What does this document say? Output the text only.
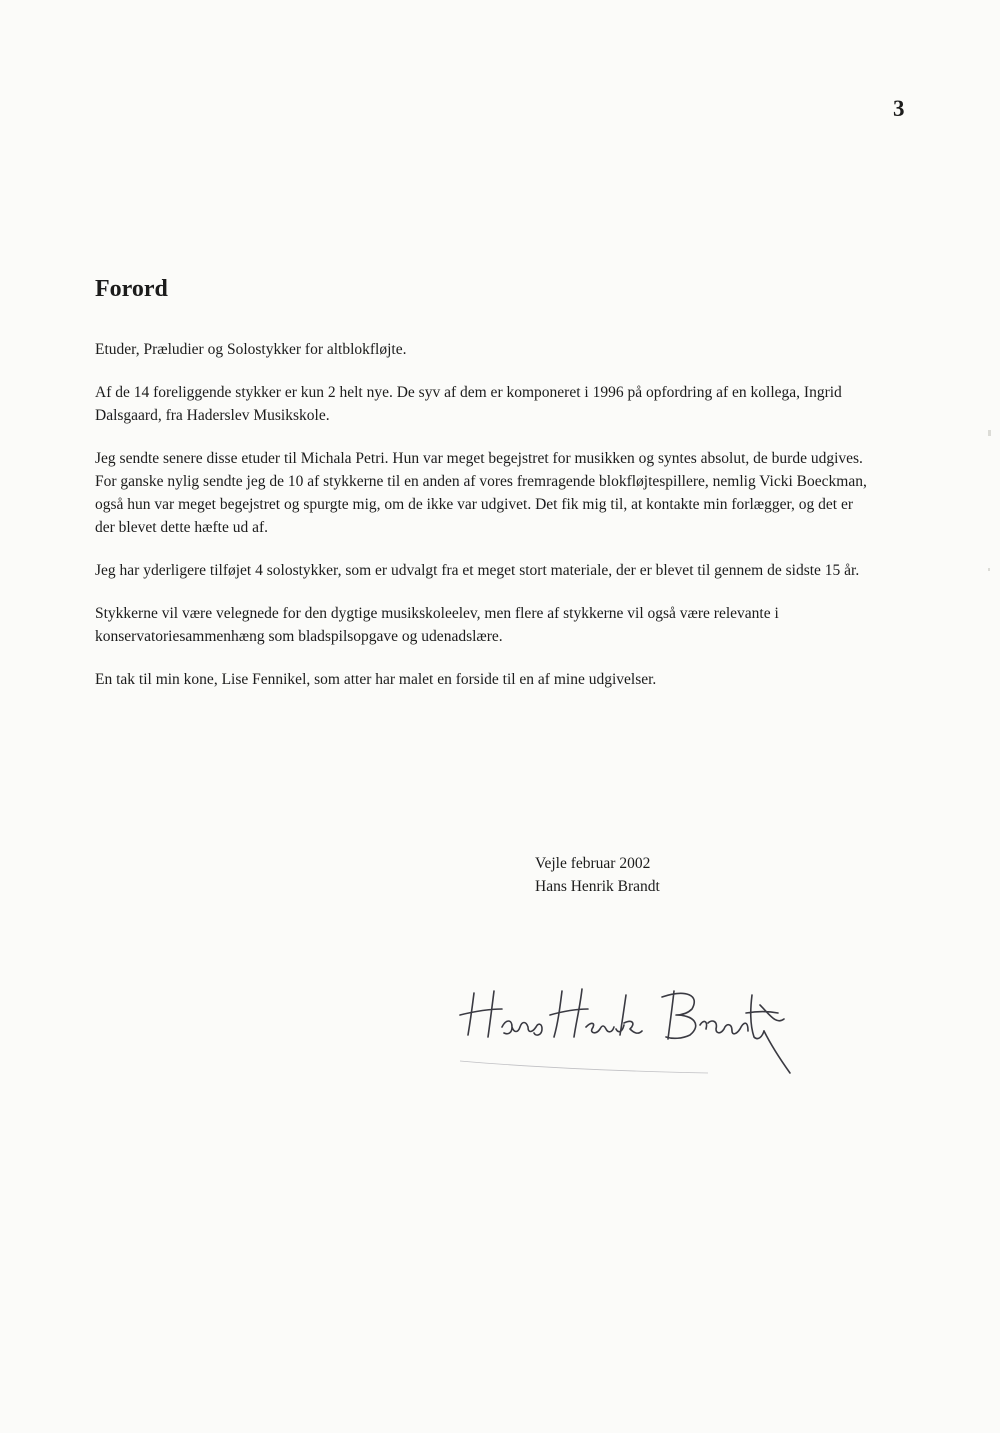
3
Forord

Etuder, Præludier og Solostykker for altblokfløjte.

Af de 14 foreliggende stykker er kun 2 helt nye. De syv af dem er komponeret i 1996 på opfordring af en kollega, Ingrid Dalsgaard, fra Haderslev Musikskole.

Jeg sendte senere disse etuder til Michala Petri. Hun var meget begejstret for musikken og syntes absolut, de burde udgives.

For ganske nylig sendte jeg de 10 af stykkerne til en anden af vores fremragende blokfløjtespillere, nemlig Vicki Boeckman, også hun var meget begejstret og spurgte mig, om de ikke var udgivet. Det fik mig til, at kontakte min forlægger, og det er der blevet dette hæfte ud af.

Jeg har yderligere tilføjet 4 solostykker, som er udvalgt fra et meget stort materiale, der er blevet til gennem de sidste 15 år.

Stykkerne vil være velegnede for den dygtige musikskoleelev, men flere af stykkerne vil også være relevante i konservatoriesammenhæng som bladspilsopgave og udenadslære.

En tak til min kone, Lise Fennikel, som atter har malet en forside til en af mine udgivelser.

Vejle februar 2002
Hans Henrik Brandt
